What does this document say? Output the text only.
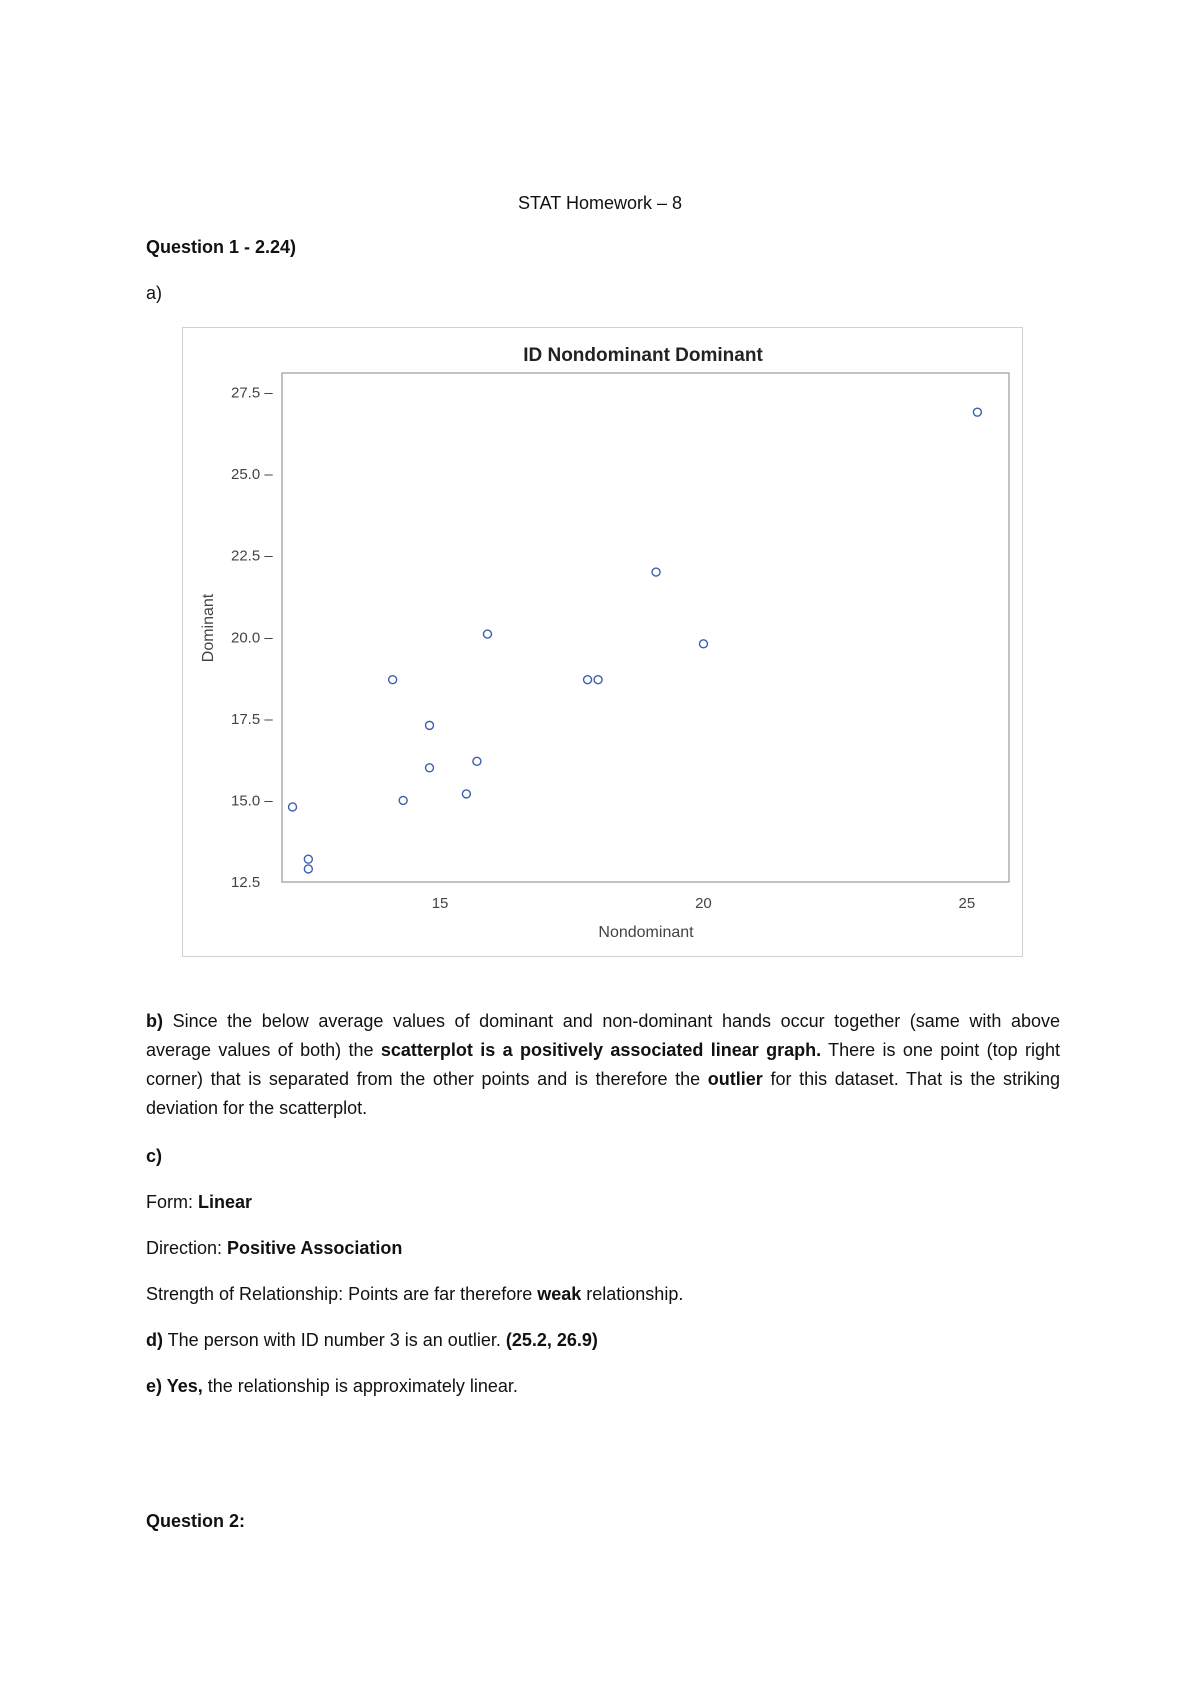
STAT Homework – 8
Question 1 - 2.24)
a)
ID Nondominant Dominant
12.5
15.0 –
17.5 –
20.0 –
22.5 –
25.0 –
27.5 –
15	20	25
Nondominant
Dominant
b) Since the below average values of dominant and non-dominant hands occur together (same with above average values of both) the scatterplot is a positively associated linear graph. There is one point (top right corner) that is separated from the other points and is therefore the outlier for this dataset. That is the striking deviation for the scatterplot.
c)
Form: Linear
Direction: Positive Association
Strength of Relationship: Points are far therefore weak relationship.
d) The person with ID number 3 is an outlier. (25.2, 26.9)
e) Yes, the relationship is approximately linear.
Question 2:
